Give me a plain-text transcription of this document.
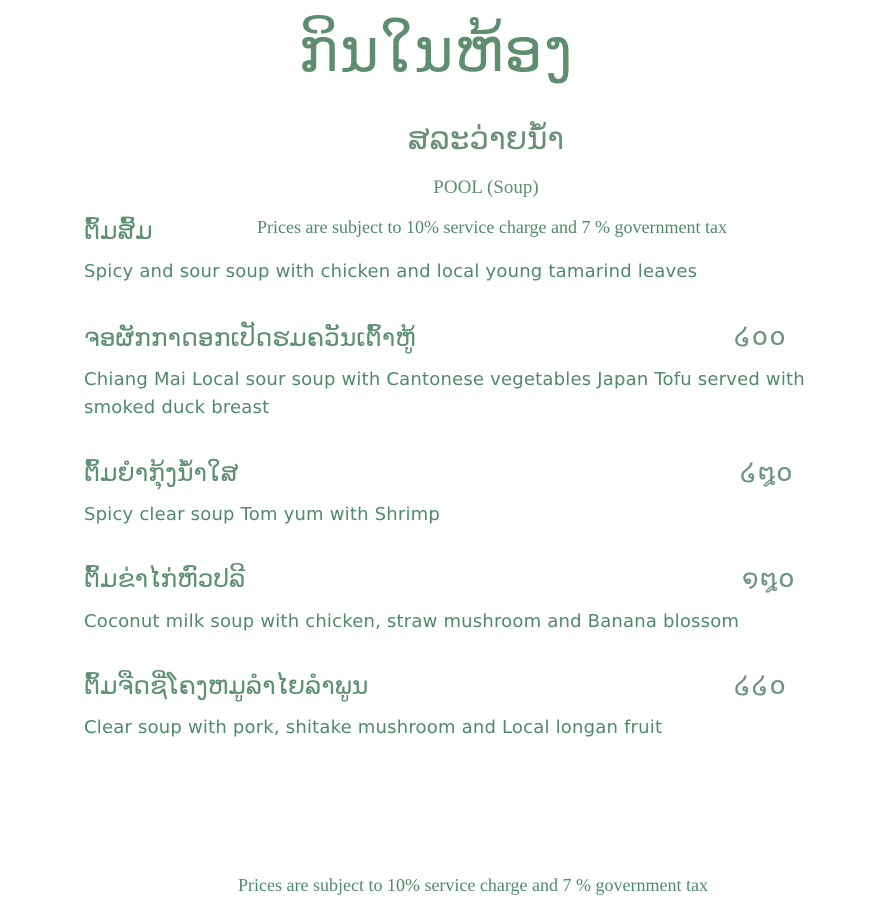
ກິນໃນຫ້ອງ
ສລະວ່າຍນ້ຳ
POOL (Soup)
Prices are subject to 10% service charge and 7 % government tax
ຕົ້ມສົ້ມ
Spicy and sour soup with chicken and local young tamarind leaves
ຈອຜັກກາດອກເປັດຮມຄວັນເຕົ້າຫູ້	໒໐໐
Chiang Mai Local sour soup with Cantonese vegetables Japan Tofu served with smoked duck breast
ຕົ້ມຍຳກຸ້ງນ້ຳໃສ	໒໘໐
Spicy clear soup Tom yum with Shrimp
ຕົ້ມຂ່າໄກ່ຫົວປລີ	໑໘໐
Coconut milk soup with chicken, straw mushroom and Banana blossom
ຕົ້ມຈືດຊີ່ໂຄງຫມູລຳໄຍລຳພູນ	໒໒໐
Clear soup with pork, shitake mushroom and Local longan fruit
Prices are subject to 10% service charge and 7 % government tax
